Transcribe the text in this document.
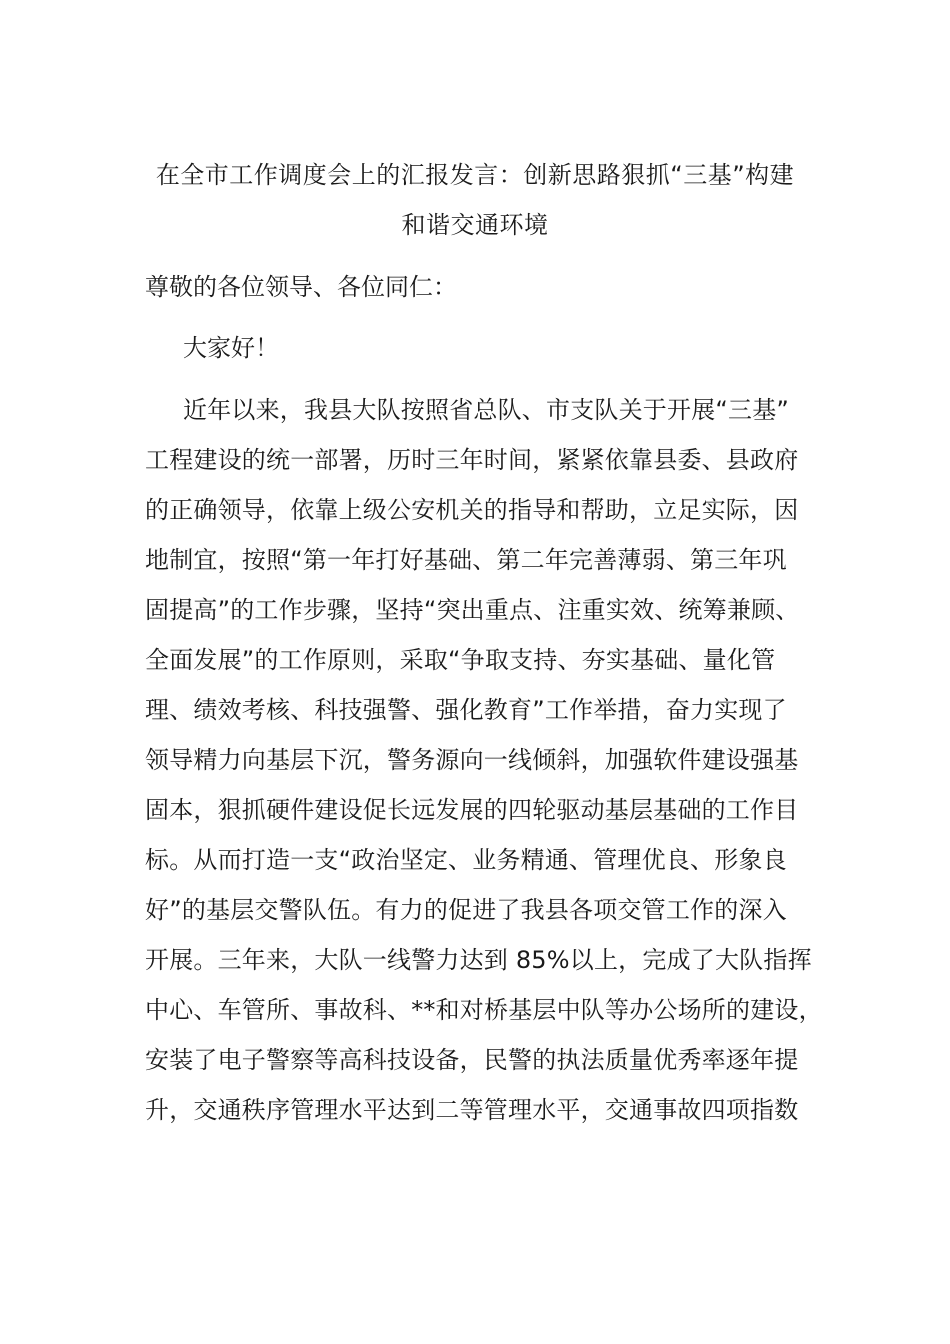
在全市工作调度会上的汇报发言：创新思路狠抓“三基”构建
和谐交通环境
尊敬的各位领导、各位同仁：
大家好！
近年以来，我县大队按照省总队、市支队关于开展“三基”
工程建设的统一部署，历时三年时间，紧紧依靠县委、县政府
的正确领导，依靠上级公安机关的指导和帮助，立足实际，因
地制宜，按照“第一年打好基础、第二年完善薄弱、第三年巩
固提高”的工作步骤，坚持“突出重点、注重实效、统筹兼顾、
全面发展”的工作原则，采取“争取支持、夯实基础、量化管
理、绩效考核、科技强警、强化教育”工作举措，奋力实现了
领导精力向基层下沉，警务源向一线倾斜，加强软件建设强基
固本，狠抓硬件建设促长远发展的四轮驱动基层基础的工作目
标。从而打造一支“政治坚定、业务精通、管理优良、形象良
好”的基层交警队伍。有力的促进了我县各项交管工作的深入
开展。三年来，大队一线警力达到 85%以上，完成了大队指挥
中心、车管所、事故科、**和对桥基层中队等办公场所的建设，
安装了电子警察等高科技设备，民警的执法质量优秀率逐年提
升，交通秩序管理水平达到二等管理水平，交通事故四项指数
